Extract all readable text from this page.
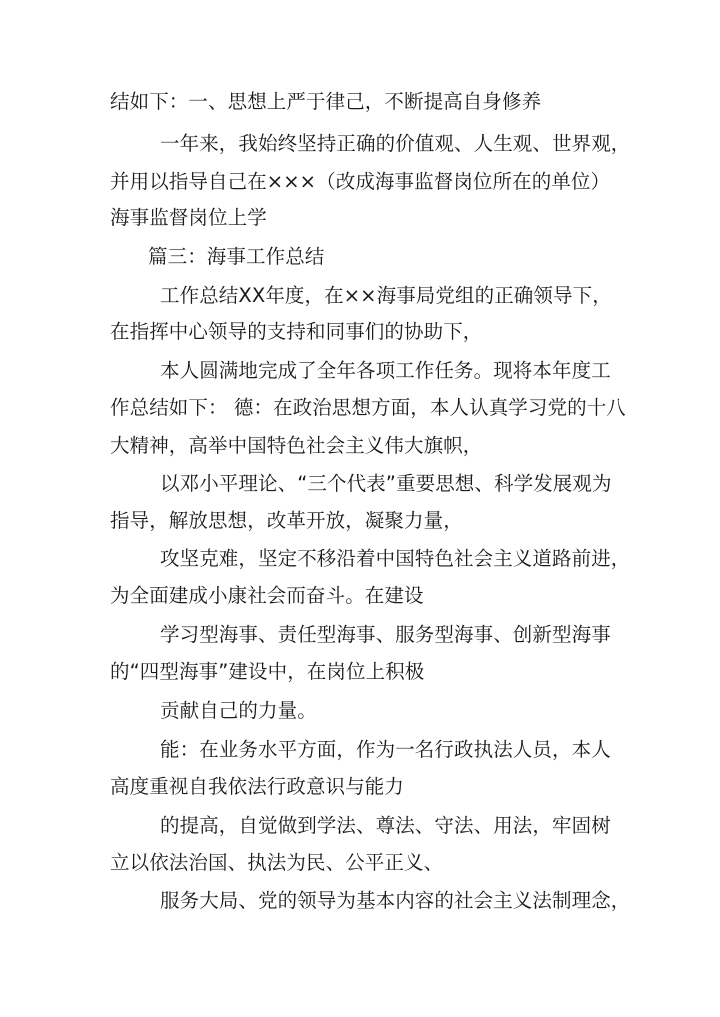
结如下：一、思想上严于律己，不断提高自身修养

一年来，我始终坚持正确的价值观、人生观、世界观，

并用以指导自己在×××（改成海事监督岗位所在的单位）

海事监督岗位上学

篇三：海事工作总结

工作总结XX年度，在××海事局党组的正确领导下，

在指挥中心领导的支持和同事们的协助下，

本人圆满地完成了全年各项工作任务。现将本年度工

作总结如下： 德：在政治思想方面，本人认真学习党的十八

大精神，高举中国特色社会主义伟大旗帜，

以邓小平理论、“三个代表”重要思想、科学发展观为

指导，解放思想，改革开放，凝聚力量，

攻坚克难，坚定不移沿着中国特色社会主义道路前进，

为全面建成小康社会而奋斗。在建设

学习型海事、责任型海事、服务型海事、创新型海事

的“四型海事”建设中，在岗位上积极

贡献自己的力量。

能：在业务水平方面，作为一名行政执法人员，本人

高度重视自我依法行政意识与能力

的提高，自觉做到学法、尊法、守法、用法，牢固树

立以依法治国、执法为民、公平正义、

服务大局、党的领导为基本内容的社会主义法制理念，
